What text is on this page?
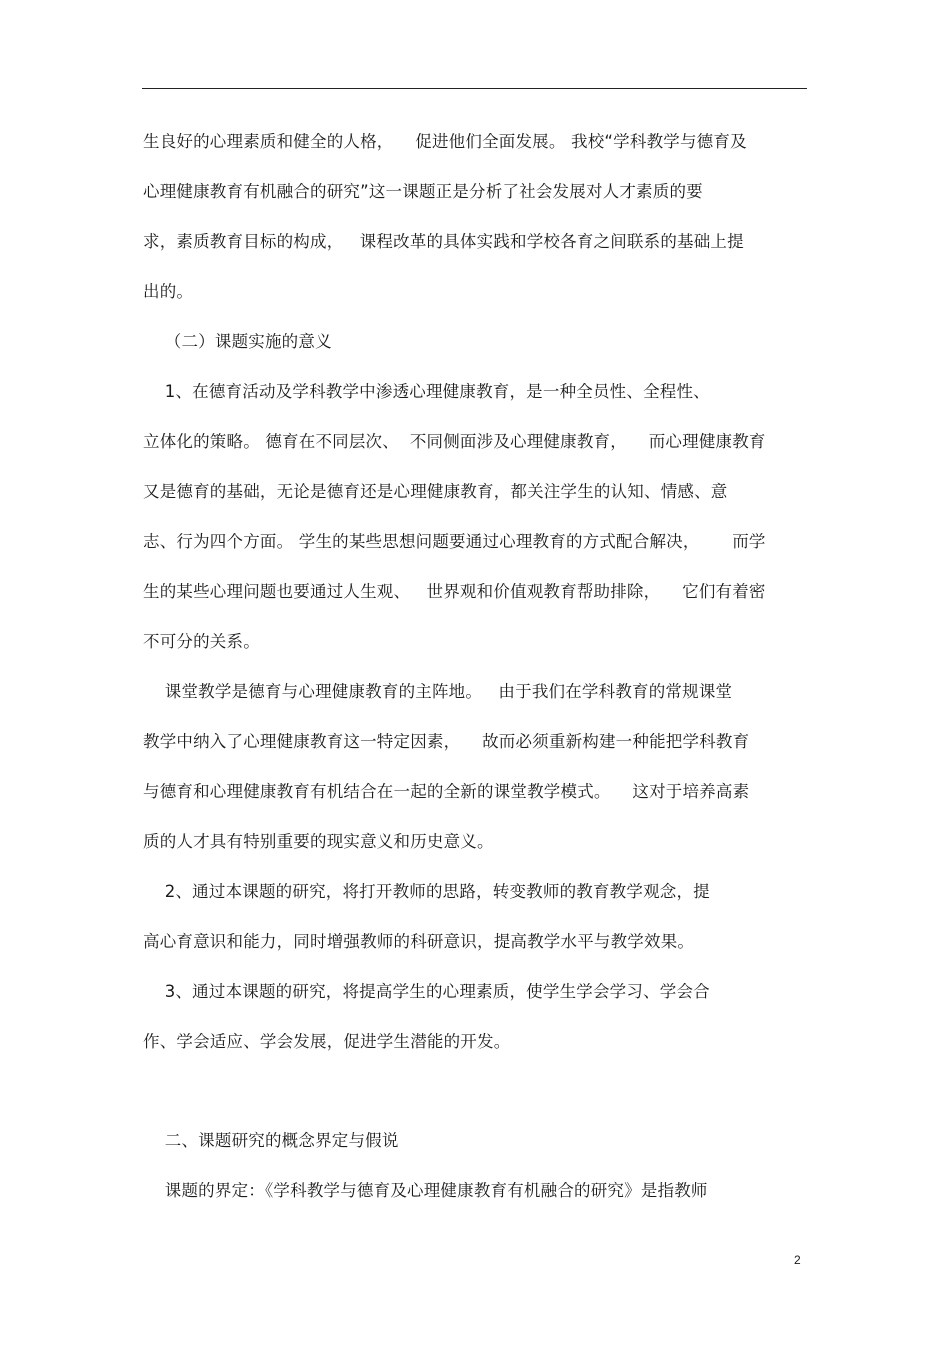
生良好的心理素质和健全的人格，    促进他们全面发展。 我校“学科教学与德育及
心理健康教育有机融合的研究”这一课题正是分析了社会发展对人才素质的要
求，素质教育目标的构成，   课程改革的具体实践和学校各育之间联系的基础上提
出的。
（二）课题实施的意义
1、在德育活动及学科教学中渗透心理健康教育，是一种全员性、全程性、
立体化的策略。 德育在不同层次、  不同侧面涉及心理健康教育，    而心理健康教育
又是德育的基础，无论是德育还是心理健康教育，都关注学生的认知、情感、意
志、行为四个方面。 学生的某些思想问题要通过心理教育的方式配合解决，      而学
生的某些心理问题也要通过人生观、   世界观和价值观教育帮助排除，    它们有着密
不可分的关系。
课堂教学是德育与心理健康教育的主阵地。   由于我们在学科教育的常规课堂
教学中纳入了心理健康教育这一特定因素，    故而必须重新构建一种能把学科教育
与德育和心理健康教育有机结合在一起的全新的课堂教学模式。    这对于培养高素
质的人才具有特别重要的现实意义和历史意义。
2、通过本课题的研究，将打开教师的思路，转变教师的教育教学观念，提
高心育意识和能力，同时增强教师的科研意识，提高教学水平与教学效果。
3、通过本课题的研究，将提高学生的心理素质，使学生学会学习、学会合
作、学会适应、学会发展，促进学生潜能的开发。
二、课题研究的概念界定与假说
课题的界定：《学科教学与德育及心理健康教育有机融合的研究》是指教师
2
